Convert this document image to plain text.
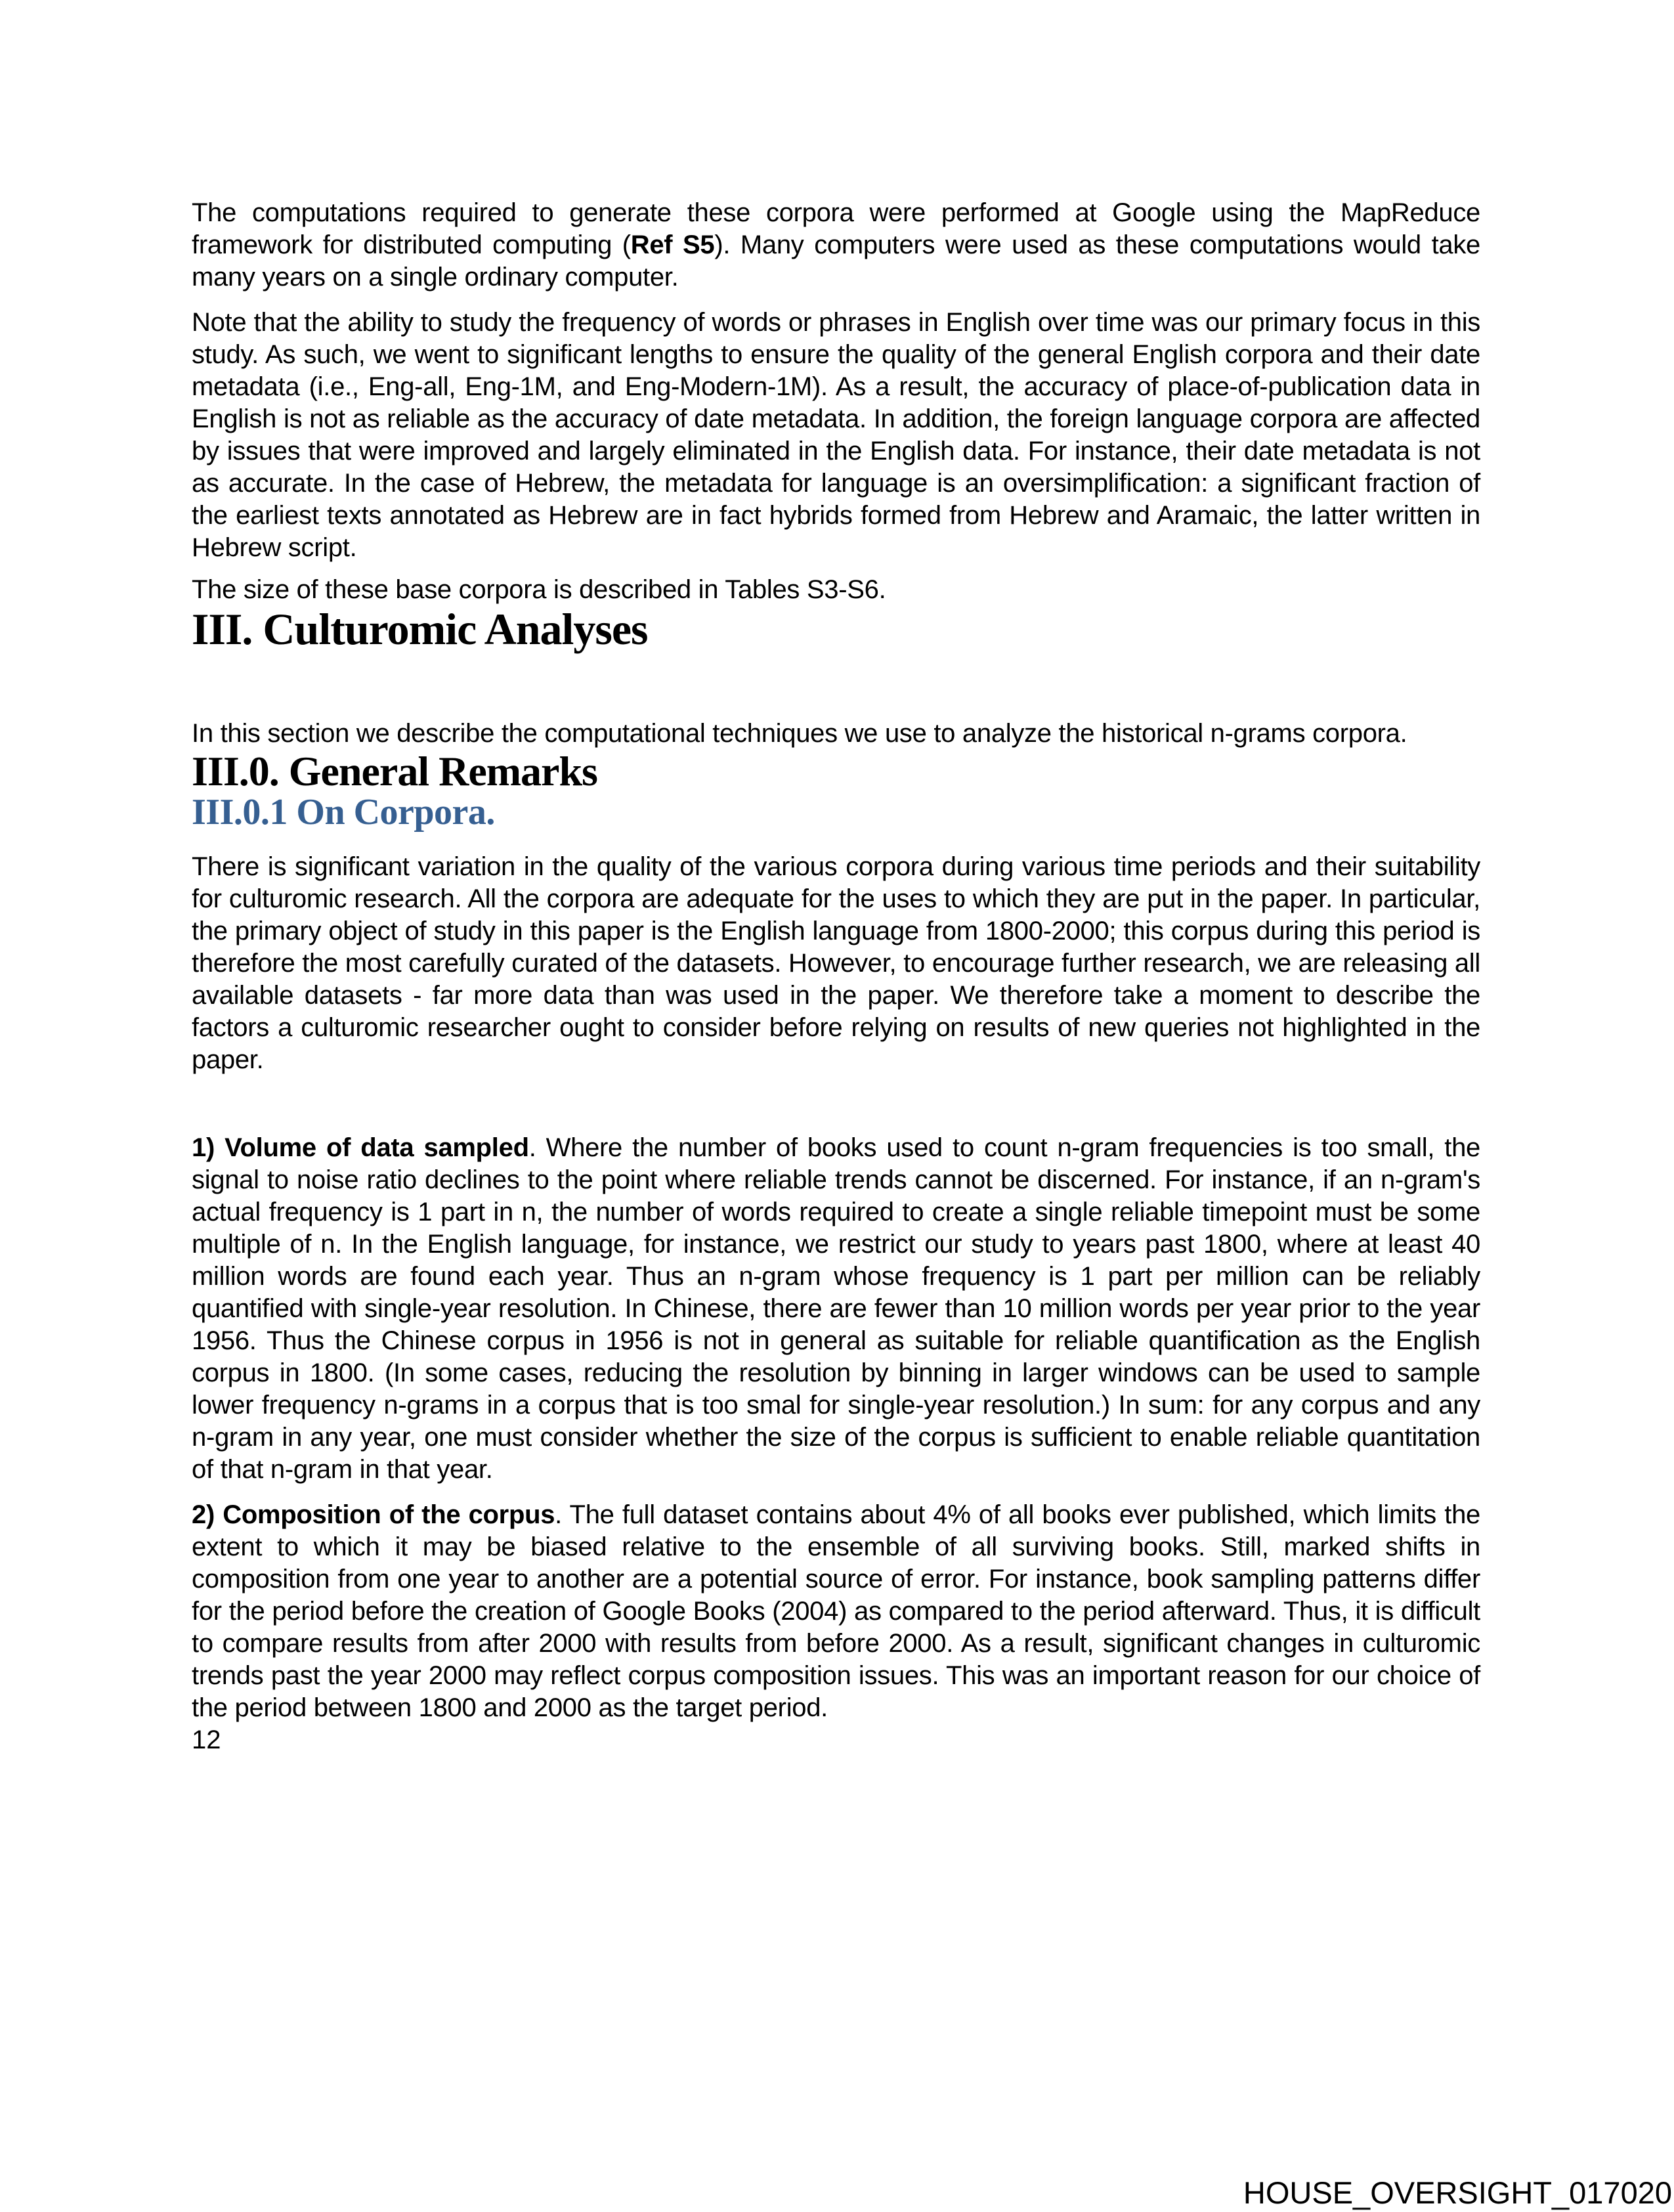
The computations required to generate these corpora were performed at Google using the MapReduce framework for distributed computing (Ref S5). Many computers were used as these computations would take many years on a single ordinary computer.

Note that the ability to study the frequency of words or phrases in English over time was our primary focus in this study. As such, we went to significant lengths to ensure the quality of the general English corpora and their date metadata (i.e., Eng-all, Eng-1M, and Eng-Modern-1M). As a result, the accuracy of place-of-publication data in English is not as reliable as the accuracy of date metadata. In addition, the foreign language corpora are affected by issues that were improved and largely eliminated in the English data. For instance, their date metadata is not as accurate. In the case of Hebrew, the metadata for language is an oversimplification: a significant fraction of the earliest texts annotated as Hebrew are in fact hybrids formed from Hebrew and Aramaic, the latter written in Hebrew script.

The size of these base corpora is described in Tables S3-S6.

III. Culturomic Analyses

In this section we describe the computational techniques we use to analyze the historical n-grams corpora.

III.0. General Remarks
III.0.1 On Corpora.

There is significant variation in the quality of the various corpora during various time periods and their suitability for culturomic research. All the corpora are adequate for the uses to which they are put in the paper. In particular, the primary object of study in this paper is the English language from 1800-2000; this corpus during this period is therefore the most carefully curated of the datasets. However, to encourage further research, we are releasing all available datasets - far more data than was used in the paper. We therefore take a moment to describe the factors a culturomic researcher ought to consider before relying on results of new queries not highlighted in the paper.

1) Volume of data sampled. Where the number of books used to count n-gram frequencies is too small, the signal to noise ratio declines to the point where reliable trends cannot be discerned. For instance, if an n-gram's actual frequency is 1 part in n, the number of words required to create a single reliable timepoint must be some multiple of n. In the English language, for instance, we restrict our study to years past 1800, where at least 40 million words are found each year. Thus an n-gram whose frequency is 1 part per million can be reliably quantified with single-year resolution. In Chinese, there are fewer than 10 million words per year prior to the year 1956. Thus the Chinese corpus in 1956 is not in general as suitable for reliable quantification as the English corpus in 1800. (In some cases, reducing the resolution by binning in larger windows can be used to sample lower frequency n-grams in a corpus that is too smal for single-year resolution.) In sum: for any corpus and any n-gram in any year, one must consider whether the size of the corpus is sufficient to enable reliable quantitation of that n-gram in that year.

2) Composition of the corpus. The full dataset contains about 4% of all books ever published, which limits the extent to which it may be biased relative to the ensemble of all surviving books. Still, marked shifts in composition from one year to another are a potential source of error. For instance, book sampling patterns differ for the period before the creation of Google Books (2004) as compared to the period afterward. Thus, it is difficult to compare results from after 2000 with results from before 2000. As a result, significant changes in culturomic trends past the year 2000 may reflect corpus composition issues. This was an important reason for our choice of the period between 1800 and 2000 as the target period.

12

HOUSE_OVERSIGHT_017020
